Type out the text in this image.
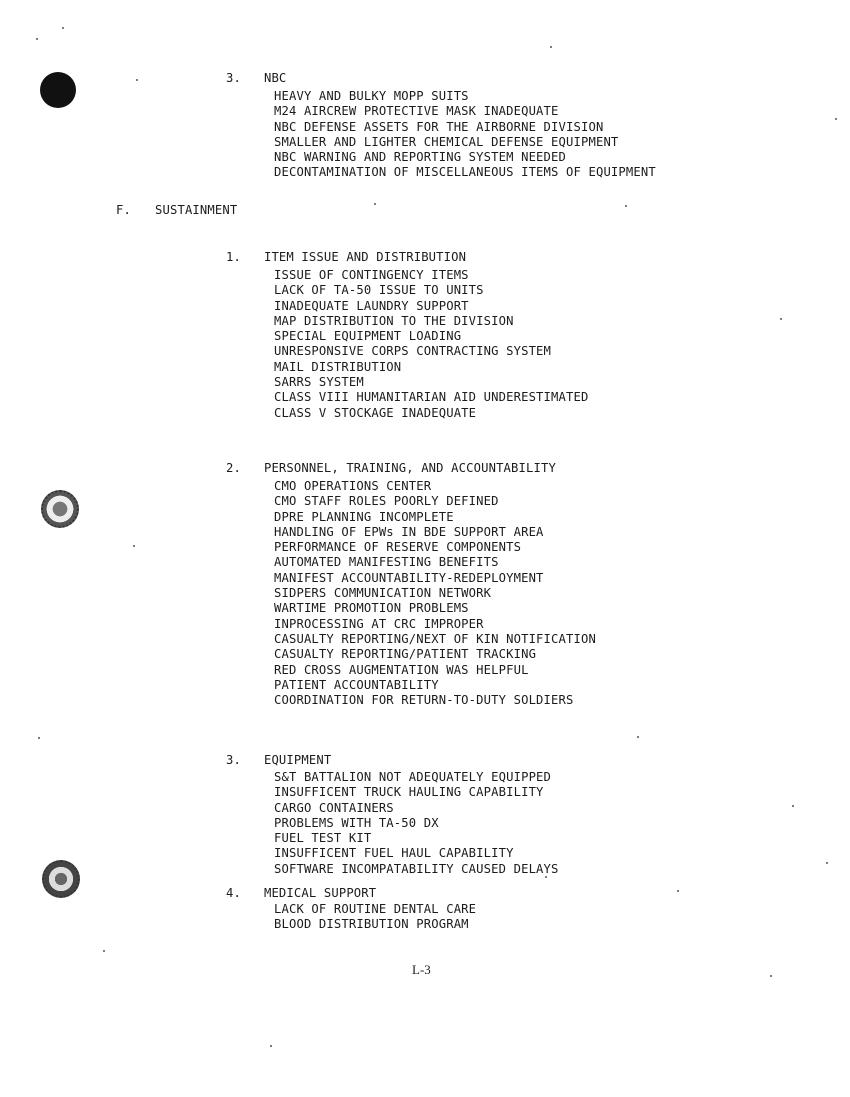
3. NBC

HEAVY AND BULKY MOPP SUITS
M24 AIRCREW PROTECTIVE MASK INADEQUATE
NBC DEFENSE ASSETS FOR THE AIRBORNE DIVISION
SMALLER AND LIGHTER CHEMICAL DEFENSE EQUIPMENT
NBC WARNING AND REPORTING SYSTEM NEEDED
DECONTAMINATION OF MISCELLANEOUS ITEMS OF EQUIPMENT
F. SUSTAINMENT

1. ITEM ISSUE AND DISTRIBUTION

ISSUE OF CONTINGENCY ITEMS
LACK OF TA-50 ISSUE TO UNITS
INADEQUATE LAUNDRY SUPPORT
MAP DISTRIBUTION TO THE DIVISION
SPECIAL EQUIPMENT LOADING
UNRESPONSIVE CORPS CONTRACTING SYSTEM
MAIL DISTRIBUTION
SARRS SYSTEM
CLASS VIII HUMANITARIAN AID UNDERESTIMATED
CLASS V STOCKAGE INADEQUATE

2. PERSONNEL, TRAINING, AND ACCOUNTABILITY

CMO OPERATIONS CENTER
CMO STAFF ROLES POORLY DEFINED
DPRE PLANNING INCOMPLETE
HANDLING OF EPWs IN BDE SUPPORT AREA
PERFORMANCE OF RESERVE COMPONENTS
AUTOMATED MANIFESTING BENEFITS
MANIFEST ACCOUNTABILITY-REDEPLOYMENT
SIDPERS COMMUNICATION NETWORK
WARTIME PROMOTION PROBLEMS
INPROCESSING AT CRC IMPROPER
CASUALTY REPORTING/NEXT OF KIN NOTIFICATION
CASUALTY REPORTING/PATIENT TRACKING
RED CROSS AUGMENTATION WAS HELPFUL
PATIENT ACCOUNTABILITY
COORDINATION FOR RETURN-TO-DUTY SOLDIERS

3. EQUIPMENT

S&T BATTALION NOT ADEQUATELY EQUIPPED
INSUFFICENT TRUCK HAULING CAPABILITY
CARGO CONTAINERS
PROBLEMS WITH TA-50 DX
FUEL TEST KIT
INSUFFICENT FUEL HAUL CAPABILITY
SOFTWARE INCOMPATABILITY CAUSED DELAYS

4. MEDICAL SUPPORT

LACK OF ROUTINE DENTAL CARE
BLOOD DISTRIBUTION PROGRAM
L-3
